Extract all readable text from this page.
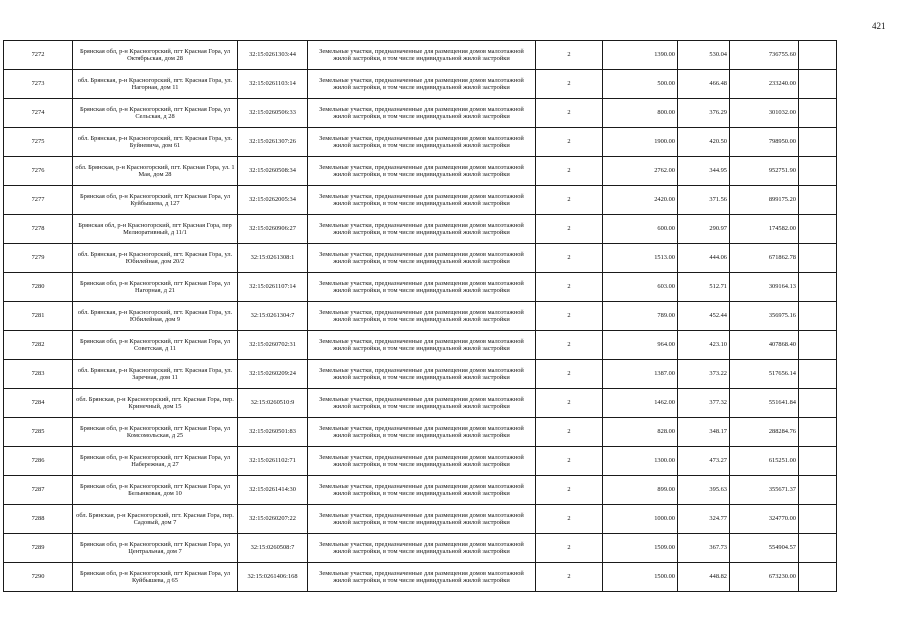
421
7272	Брянская обл, р-н Красногорский, пгт Красная Гора, ул Октябрьская, дом 28	32:15:0261303:44	Земельные участки, предназначенные для размещения домов малоэтажной жилой застройки, в том числе индивидуальной жилой застройки	2	1390.00	530.04	736755.60	
7273	обл. Брянская, р-н Красногорский, пгт. Красная Гора, ул. Нагорная, дом 11	32:15:0261103:14	Земельные участки, предназначенные для размещения домов малоэтажной жилой застройки, в том числе индивидуальной жилой застройки	2	500.00	466.48	233240.00	
7274	Брянская обл, р-н Красногорский, пгт Красная Гора, ул Сельская, д 28	32:15:0260506:33	Земельные участки, предназначенные для размещения домов малоэтажной жилой застройки, в том числе индивидуальной жилой застройки	2	800.00	376.29	301032.00	
7275	обл. Брянская, р-н Красногорский, пгт. Красная Гора, ул. Буйневича, дом 61	32:15:0261307:26	Земельные участки, предназначенные для размещения домов малоэтажной жилой застройки, в том числе индивидуальной жилой застройки	2	1900.00	420.50	798950.00	
7276	обл. Брянская, р-н Красногорский, пгт. Красная Гора, ул. 1 Мая, дом 28	32:15:0260508:34	Земельные участки, предназначенные для размещения домов малоэтажной жилой застройки, в том числе индивидуальной жилой застройки	2	2762.00	344.95	952751.90	
7277	Брянская обл, р-н Красногорский, пгт Красная Гора, ул Куйбышева, д 127	32:15:0262005:34	Земельные участки, предназначенные для размещения домов малоэтажной жилой застройки, в том числе индивидуальной жилой застройки	2	2420.00	371.56	899175.20	
7278	Брянская обл, р-н Красногорский, пгт Красная Гора, пер Мелиоративный, д 11/1	32:15:0260906:27	Земельные участки, предназначенные для размещения домов малоэтажной жилой застройки, в том числе индивидуальной жилой застройки	2	600.00	290.97	174582.00	
7279	обл. Брянская, р-н Красногорский, пгт. Красная Гора, ул. Юбилейная, дом 20/2	32:15:0261308:1	Земельные участки, предназначенные для размещения домов малоэтажной жилой застройки, в том числе индивидуальной жилой застройки	2	1513.00	444.06	671862.78	
7280	Брянская обл, р-н Красногорский, пгт Красная Гора, ул Нагорная, д 21	32:15:0261107:14	Земельные участки, предназначенные для размещения домов малоэтажной жилой застройки, в том числе индивидуальной жилой застройки	2	603.00	512.71	309164.13	
7281	обл. Брянская, р-н Красногорский, пгт. Красная Гора, ул. Юбилейная, дом 9	32:15:0261304:7	Земельные участки, предназначенные для размещения домов малоэтажной жилой застройки, в том числе индивидуальной жилой застройки	2	789.00	452.44	356975.16	
7282	Брянская обл, р-н Красногорский, пгт Красная Гора, ул Советская, д 11	32:15:0260702:31	Земельные участки, предназначенные для размещения домов малоэтажной жилой застройки, в том числе индивидуальной жилой застройки	2	964.00	423.10	407868.40	
7283	обл. Брянская, р-н Красногорский, пгт. Красная Гора, ул. Заречная, дом 11	32:15:0260209:24	Земельные участки, предназначенные для размещения домов малоэтажной жилой застройки, в том числе индивидуальной жилой застройки	2	1387.00	373.22	517656.14	
7284	обл. Брянская, р-н Красногорский, пгт. Красная Гора, пер. Кринечный, дом 15	32:15:0260510:9	Земельные участки, предназначенные для размещения домов малоэтажной жилой застройки, в том числе индивидуальной жилой застройки	2	1462.00	377.32	551641.84	
7285	Брянская обл, р-н Красногорский, пгт Красная Гора, ул Комсомольская, д 25	32:15:0260501:83	Земельные участки, предназначенные для размещения домов малоэтажной жилой застройки, в том числе индивидуальной жилой застройки	2	828.00	348.17	288284.76	
7286	Брянская обл, р-н Красногорский, пгт Красная Гора, ул Набережная, д 27	32:15:0261102:71	Земельные участки, предназначенные для размещения домов малоэтажной жилой застройки, в том числе индивидуальной жилой застройки	2	1300.00	473.27	615251.00	
7287	Брянская обл, р-н Красногорский, пгт Красная Гора, ул Белынковая, дом 10	32:15:0261414:30	Земельные участки, предназначенные для размещения домов малоэтажной жилой застройки, в том числе индивидуальной жилой застройки	2	899.00	395.63	355671.37	
7288	обл. Брянская, р-н Красногорский, пгт. Красная Гора, пер. Садовый, дом 7	32:15:0260207:22	Земельные участки, предназначенные для размещения домов малоэтажной жилой застройки, в том числе индивидуальной жилой застройки	2	1000.00	324.77	324770.00	
7289	Брянская обл, р-н Красногорский, пгт Красная Гора, ул Центральная, дом 7	32:15:0260508:7	Земельные участки, предназначенные для размещения домов малоэтажной жилой застройки, в том числе индивидуальной жилой застройки	2	1509.00	367.73	554904.57	
7290	Брянская обл, р-н Красногорский, пгт Красная Гора, ул Куйбышева, д 65	32:15:0261406:168	Земельные участки, предназначенные для размещения домов малоэтажной жилой застройки, в том числе индивидуальной жилой застройки	2	1500.00	448.82	673230.00	
